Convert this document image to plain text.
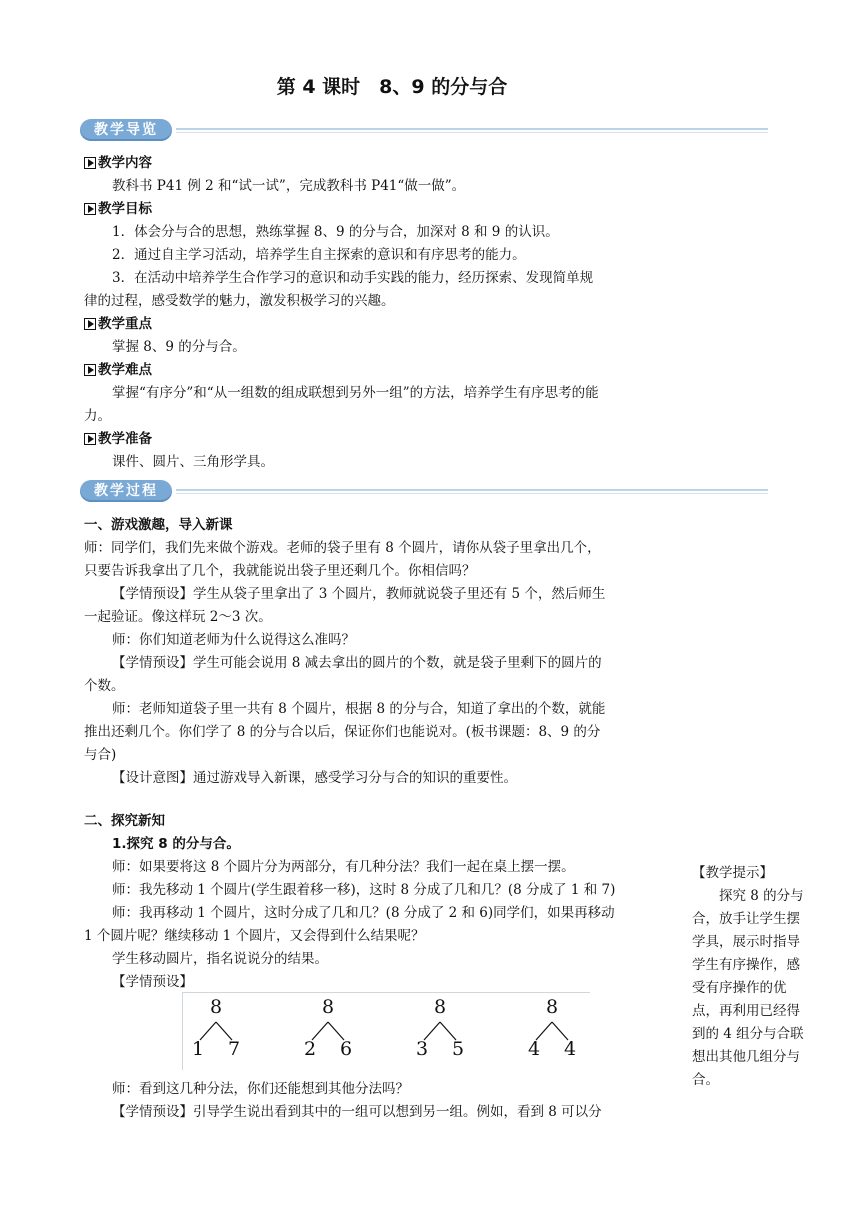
第 4 课时　8、9 的分与合
教学导览
教学内容
教科书 P41 例 2 和“试一试”，完成教科书 P41“做一做”。
教学目标
1．体会分与合的思想，熟练掌握 8、9 的分与合，加深对 8 和 9 的认识。
2．通过自主学习活动，培养学生自主探索的意识和有序思考的能力。
3．在活动中培养学生合作学习的意识和动手实践的能力，经历探索、发现简单规
律的过程，感受数学的魅力，激发积极学习的兴趣。
教学重点
掌握 8、9 的分与合。
教学难点
掌握“有序分”和“从一组数的组成联想到另外一组”的方法，培养学生有序思考的能
力。
教学准备
课件、圆片、三角形学具。
教学过程
一、游戏激趣，导入新课
师：同学们，我们先来做个游戏。老师的袋子里有 8 个圆片，请你从袋子里拿出几个，
只要告诉我拿出了几个，我就能说出袋子里还剩几个。你相信吗？
【学情预设】学生从袋子里拿出了 3 个圆片，教师就说袋子里还有 5 个，然后师生
一起验证。像这样玩 2～3 次。
师：你们知道老师为什么说得这么准吗？
【学情预设】学生可能会说用 8 减去拿出的圆片的个数，就是袋子里剩下的圆片的
个数。
师：老师知道袋子里一共有 8 个圆片，根据 8 的分与合，知道了拿出的个数，就能
推出还剩几个。你们学了 8 的分与合以后，保证你们也能说对。(板书课题：8、9 的分
与合)
【设计意图】通过游戏导入新课，感受学习分与合的知识的重要性。
二、探究新知
1.探究 8 的分与合。
师：如果要将这 8 个圆片分为两部分，有几种分法？我们一起在桌上摆一摆。
师：我先移动 1 个圆片(学生跟着移一移)，这时 8 分成了几和几？(8 分成了 1 和 7)
师：我再移动 1 个圆片，这时分成了几和几？(8 分成了 2 和 6)同学们，如果再移动
1 个圆片呢？继续移动 1 个圆片，又会得到什么结果呢？
学生移动圆片，指名说说分的结果。
【学情预设】
8
1	7
8
2	6
8
3	5
8
4	4
师：看到这几种分法，你们还能想到其他分法吗？
【学情预设】引导学生说出看到其中的一组可以想到另一组。例如，看到 8 可以分
【教学提示】
　　探究 8 的分与
合，放手让学生摆
学具，展示时指导
学生有序操作，感
受有序操作的优
点，再利用已经得
到的 4 组分与合联
想出其他几组分与
合。
